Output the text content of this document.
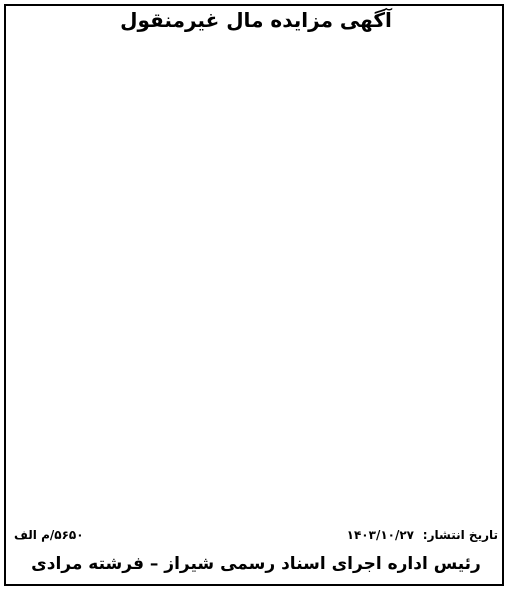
آگهی مزایده مال غیرمنقول
تاریخ انتشار:
۱۴۰۳/۱۰/۲۷
۵۶۵۰/م الف
رئیس اداره اجرای اسناد رسمی شیراز – فرشته مرادی
